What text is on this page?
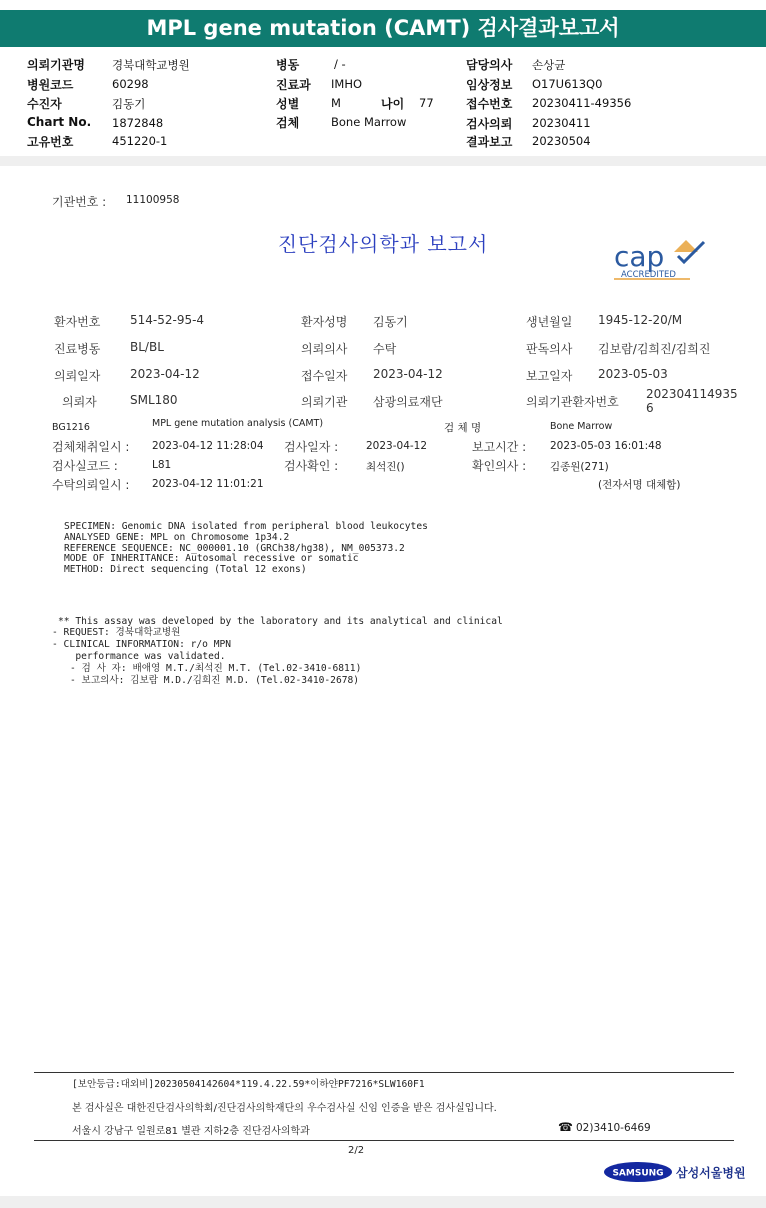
MPL gene mutation (CAMT) 검사결과보고서
의뢰기관명 경북대학교병원
병원코드	60298
수진자	김동기
Chart No. 1872848
고유번호	451220-1
병동	/ -
진료과 IMHO
성별	M	나이 77
검체	Bone Marrow
담당의사 손상균
임상정보 O17U613Q0
접수번호 20230411-49356
검사의뢰 20230411
결과보고 20230504
기관번호 : 11100958
진단검사의학과 보고서	cap
ACCREDITED
환자번호 514-52-95-4	환자성명 김동기	생년월일 1945-12-20/M
진료병동 BL/BL	의뢰의사 수탁	판독의사 김보람/김희진/김희진
의뢰일자 2023-04-12	접수일자 2023-04-12	보고일자 2023-05-03
의뢰자	SML180	의뢰기관 삼광의료재단	의뢰기관환자번호
202304114935
6
BG1216	MPL gene mutation analysis (CAMT)	검 체 명	Bone Marrow
검체채취일시 : 2023-04-12 11:28:04 검사일자 :	2023-04-12	보고시간 : 2023-05-03 16:01:48
검사실코드 :	L81	검사확인 :	최석진()	확인의사 : 김종원(271)
수탁의뢰일시 : 2023-04-12 11:01:21	(전자서명 대체함)
SPECIMEN: Genomic DNA isolated from peripheral blood leukocytes
ANALYSED GENE: MPL on Chromosome 1p34.2
REFERENCE SEQUENCE: NC_000001.10 (GRCh38/hg38), NM_005373.2
MODE OF INHERITANCE: Autosomal recessive or somatic
METHOD: Direct sequencing (Total 12 exons)

** This assay was developed by the laboratory and its analytical and clinical

performance was validated.

- REQUEST: 경북대학교병원
- CLINICAL INFORMATION: r/o MPN
- 검 사 자: 배애영 M.T./최석진 M.T. (Tel.02-3410-6811)
- 보고의사: 김보람 M.D./김희진 M.D. (Tel.02-3410-2678)
[보안등급:대외비]20230504142604*119.4.22.59*이하얀PF7216*SLW160F1
본 검사실은 대한진단검사의학회/진단검사의학재단의 우수검사실 신임 인증을 받은 검사실입니다.
서울시 강남구 일원로81 별관 지하2층 진단검사의학과	☎ 02)3410-6469
2/2
SAMSUNG 삼성서울병원
